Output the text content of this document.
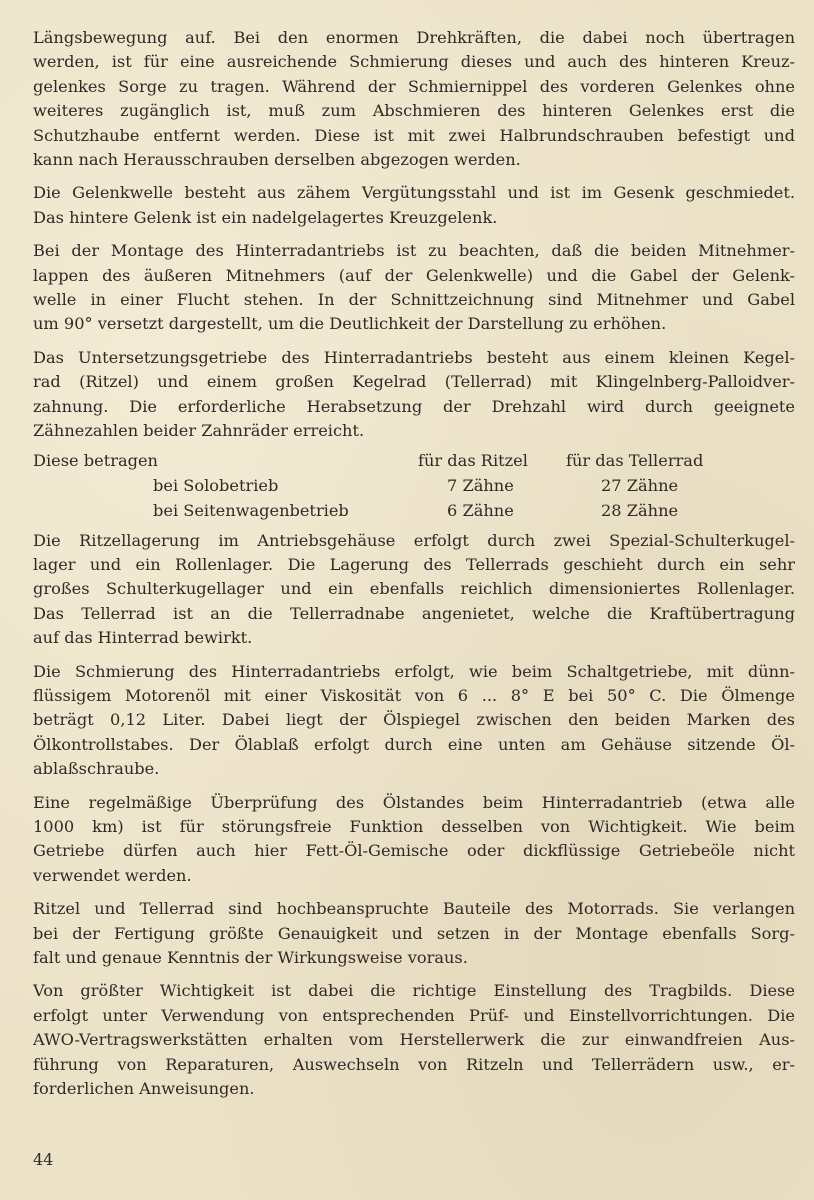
Längsbewegung auf. Bei den enormen Drehkräften, die dabei noch übertragen
werden, ist für eine ausreichende Schmierung dieses und auch des hinteren Kreuz-
gelenkes Sorge zu tragen. Während der Schmiernippel des vorderen Gelenkes ohne
weiteres zugänglich ist, muß zum Abschmieren des hinteren Gelenkes erst die
Schutzhaube entfernt werden. Diese ist mit zwei Halbrundschrauben befestigt und
kann nach Herausschrauben derselben abgezogen werden.

Die Gelenkwelle besteht aus zähem Vergütungsstahl und ist im Gesenk geschmiedet.
Das hintere Gelenk ist ein nadelgelagertes Kreuzgelenk.

Bei der Montage des Hinterradantriebs ist zu beachten, daß die beiden Mitnehmer-
lappen des äußeren Mitnehmers (auf der Gelenkwelle) und die Gabel der Gelenk-
welle in einer Flucht stehen. In der Schnittzeichnung sind Mitnehmer und Gabel
um 90° versetzt dargestellt, um die Deutlichkeit der Darstellung zu erhöhen.

Das Untersetzungsgetriebe des Hinterradantriebs besteht aus einem kleinen Kegel-
rad (Ritzel) und einem großen Kegelrad (Tellerrad) mit Klingelnberg-Palloidver-
zahnung. Die erforderliche Herabsetzung der Drehzahl wird durch geeignete
Zähnezahlen beider Zahnräder erreicht.

Diese betragen	für das Ritzel	für das Tellerrad
bei Solobetrieb	7 Zähne	27 Zähne
bei Seitenwagenbetrieb	6 Zähne	28 Zähne

Die Ritzellagerung im Antriebsgehäuse erfolgt durch zwei Spezial-Schulterkugel-
lager und ein Rollenlager. Die Lagerung des Tellerrads geschieht durch ein sehr
großes Schulterkugellager und ein ebenfalls reichlich dimensioniertes Rollenlager.
Das Tellerrad ist an die Tellerradnabe angenietet, welche die Kraftübertragung
auf das Hinterrad bewirkt.

Die Schmierung des Hinterradantriebs erfolgt, wie beim Schaltgetriebe, mit dünn-
flüssigem Motorenöl mit einer Viskosität von 6 ... 8° E bei 50° C. Die Ölmenge
beträgt 0,12 Liter. Dabei liegt der Ölspiegel zwischen den beiden Marken des
Ölkontrollstabes. Der Ölablaß erfolgt durch eine unten am Gehäuse sitzende Öl-
ablaßschraube.

Eine regelmäßige Überprüfung des Ölstandes beim Hinterradantrieb (etwa alle
1000 km) ist für störungsfreie Funktion desselben von Wichtigkeit. Wie beim
Getriebe dürfen auch hier Fett-Öl-Gemische oder dickflüssige Getriebeöle nicht
verwendet werden.

Ritzel und Tellerrad sind hochbeanspruchte Bauteile des Motorrads. Sie verlangen
bei der Fertigung größte Genauigkeit und setzen in der Montage ebenfalls Sorg-
falt und genaue Kenntnis der Wirkungsweise voraus.

Von größter Wichtigkeit ist dabei die richtige Einstellung des Tragbilds. Diese
erfolgt unter Verwendung von entsprechenden Prüf- und Einstellvorrichtungen. Die
AWO-Vertragswerkstätten erhalten vom Herstellerwerk die zur einwandfreien Aus-
führung von Reparaturen, Auswechseln von Ritzeln und Tellerrädern usw., er-
forderlichen Anweisungen.

44
